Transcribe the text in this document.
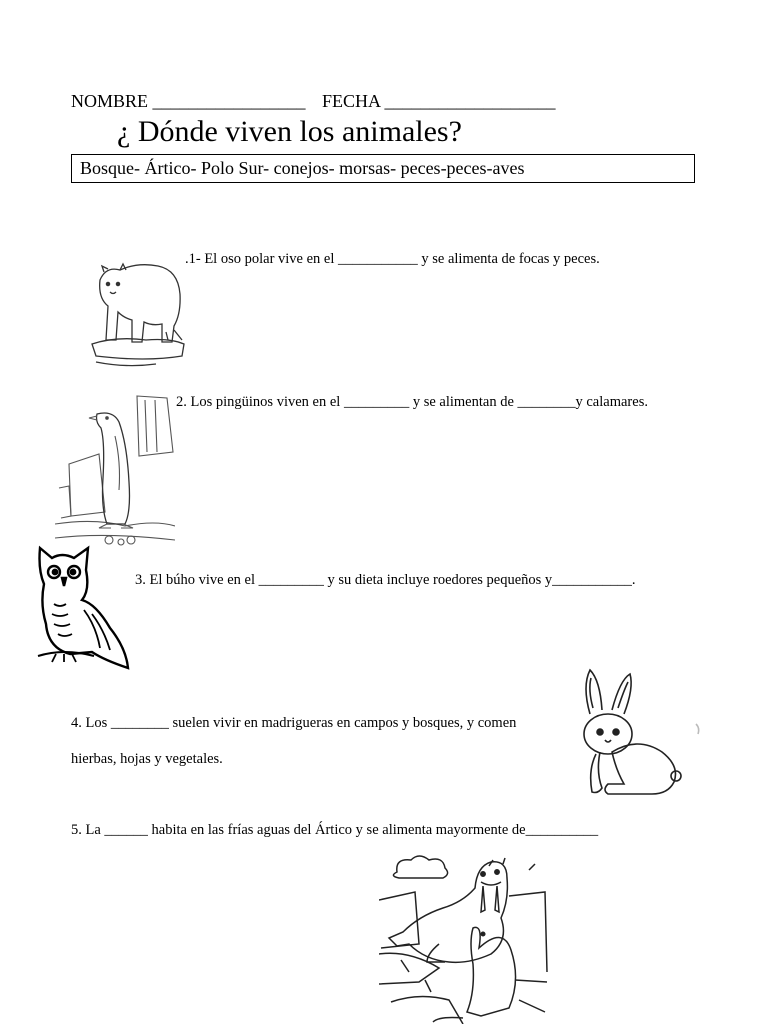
NOMBRE _________________ FECHA ___________________
¿ Dónde viven los animales?
Bosque- Ártico- Polo Sur- conejos- morsas- peces-peces-aves
.1- El oso polar vive en el ___________ y se alimenta de focas y peces.
2. Los pingüinos viven en el _________ y se alimentan de ________y calamares.
3. El búho vive en el _________ y su dieta incluye roedores pequeños y___________.
4. Los ________ suelen vivir en madrigueras en campos y bosques, y comen
hierbas, hojas y vegetales.
5. La ______ habita en las frías aguas del Ártico y se alimenta mayormente de__________
